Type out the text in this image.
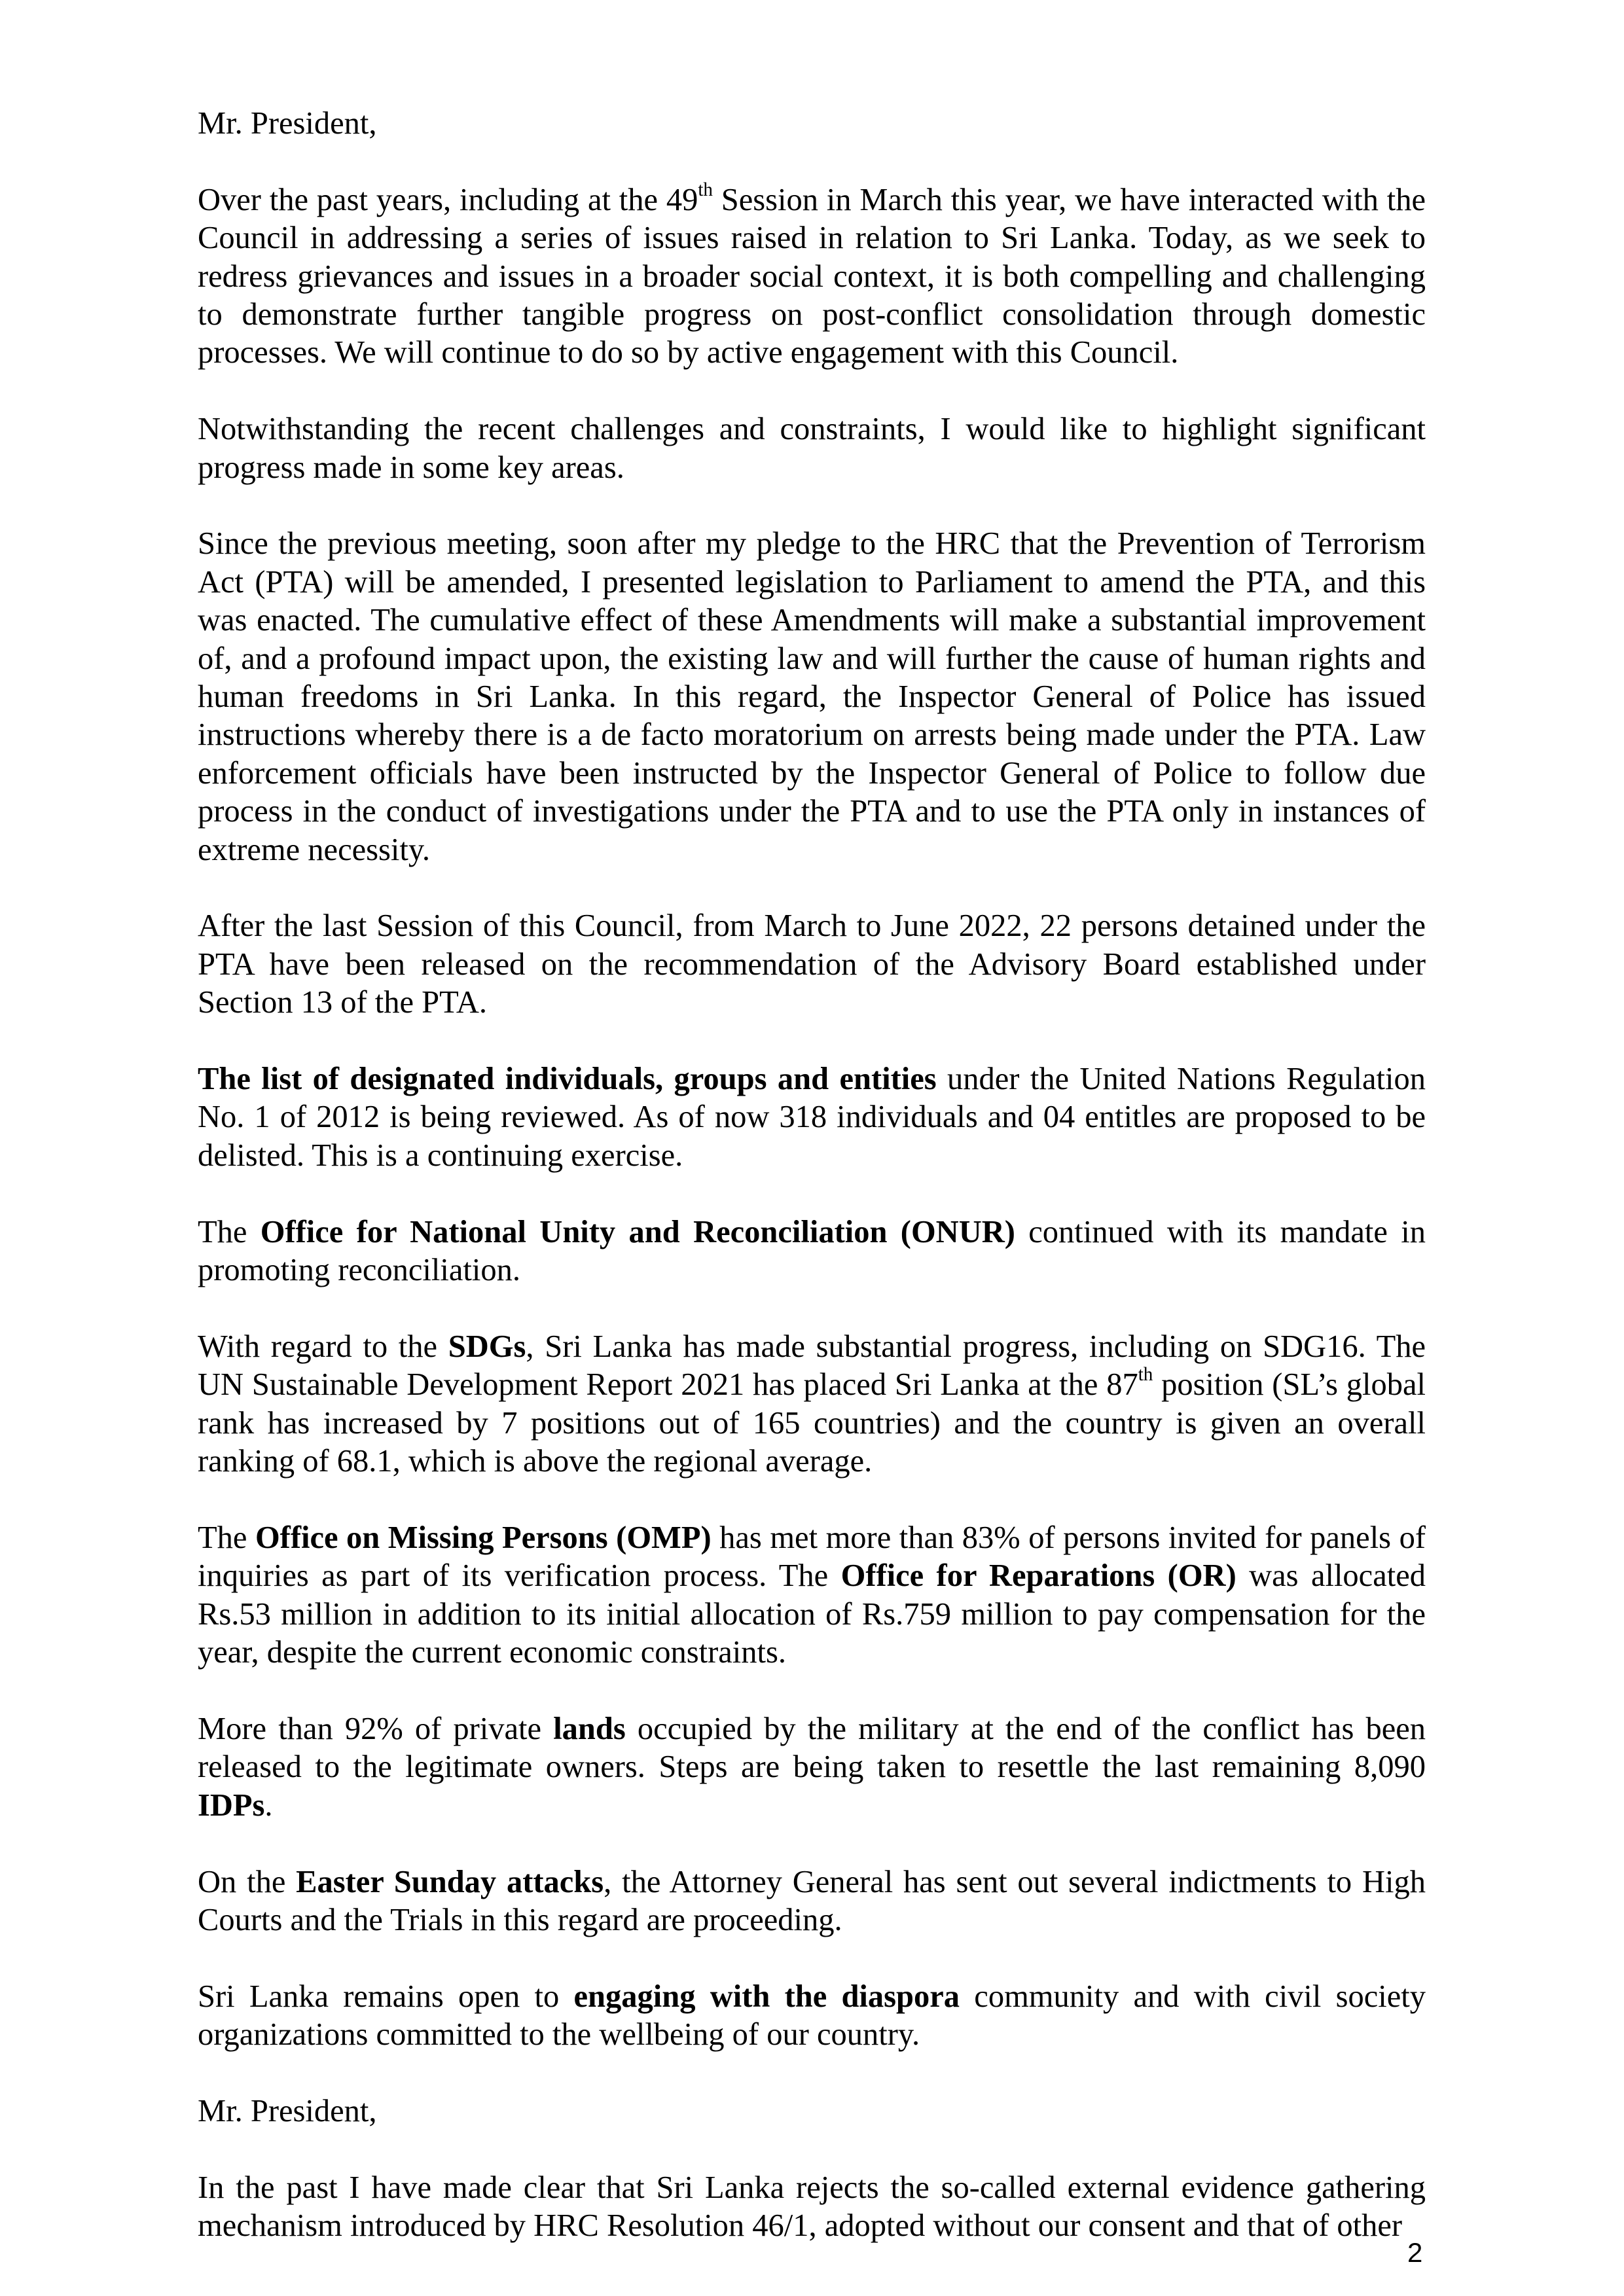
Mr. President,

Over the past years, including at the 49th Session in March this year, we have interacted with the Council in addressing a series of issues raised in relation to Sri Lanka. Today, as we seek to redress grievances and issues in a broader social context, it is both compelling and challenging to demonstrate further tangible progress on post-conflict consolidation through domestic processes. We will continue to do so by active engagement with this Council.

Notwithstanding the recent challenges and constraints, I would like to highlight significant progress made in some key areas.

Since the previous meeting, soon after my pledge to the HRC that the Prevention of Terrorism Act (PTA) will be amended, I presented legislation to Parliament to amend the PTA, and this was enacted. The cumulative effect of these Amendments will make a substantial improvement of, and a profound impact upon, the existing law and will further the cause of human rights and human freedoms in Sri Lanka. In this regard, the Inspector General of Police has issued instructions whereby there is a de facto moratorium on arrests being made under the PTA. Law enforcement officials have been instructed by the Inspector General of Police to follow due process in the conduct of investigations under the PTA and to use the PTA only in instances of extreme necessity.

After the last Session of this Council, from March to June 2022, 22 persons detained under the PTA have been released on the recommendation of the Advisory Board established under Section 13 of the PTA.

The list of designated individuals, groups and entities under the United Nations Regulation No. 1 of 2012 is being reviewed. As of now 318 individuals and 04 entitles are proposed to be delisted. This is a continuing exercise.

The Office for National Unity and Reconciliation (ONUR) continued with its mandate in promoting reconciliation.

With regard to the SDGs, Sri Lanka has made substantial progress, including on SDG16. The UN Sustainable Development Report 2021 has placed Sri Lanka at the 87th position (SL’s global rank has increased by 7 positions out of 165 countries) and the country is given an overall ranking of 68.1, which is above the regional average.

The Office on Missing Persons (OMP) has met more than 83% of persons invited for panels of inquiries as part of its verification process. The Office for Reparations (OR) was allocated Rs.53 million in addition to its initial allocation of Rs.759 million to pay compensation for the year, despite the current economic constraints.

More than 92% of private lands occupied by the military at the end of the conflict has been released to the legitimate owners. Steps are being taken to resettle the last remaining 8,090 IDPs.

On the Easter Sunday attacks, the Attorney General has sent out several indictments to High Courts and the Trials in this regard are proceeding.

Sri Lanka remains open to engaging with the diaspora community and with civil society organizations committed to the wellbeing of our country.

Mr. President,

In the past I have made clear that Sri Lanka rejects the so-called external evidence gathering mechanism introduced by HRC Resolution 46/1, adopted without our consent and that of other

2
